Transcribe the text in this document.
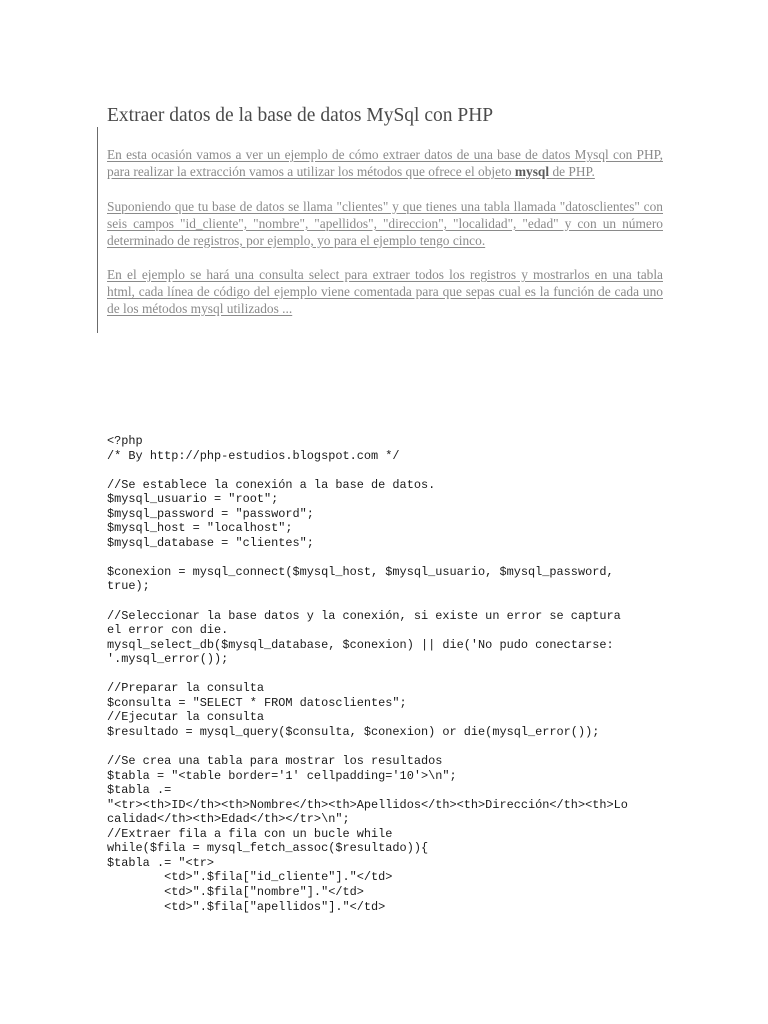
Extraer datos de la base de datos MySql con PHP

En esta ocasión vamos a ver un ejemplo de cómo extraer datos de una base de datos Mysql con PHP, para realizar la extracción vamos a utilizar los métodos que ofrece el objeto mysql de PHP.

Suponiendo que tu base de datos se llama "clientes" y que tienes una tabla llamada "datosclientes" con seis campos "id_cliente", "nombre", "apellidos", "direccion", "localidad", "edad" y con un número determinado de registros, por ejemplo, yo para el ejemplo tengo cinco.

En el ejemplo se hará una consulta select para extraer todos los registros y mostrarlos en una tabla html, cada línea de código del ejemplo viene comentada para que sepas cual es la función de cada uno de los métodos mysql utilizados ...

<?php
/* By http://php-estudios.blogspot.com */

//Se establece la conexión a la base de datos.
$mysql_usuario = "root";
$mysql_password = "password";
$mysql_host = "localhost";
$mysql_database = "clientes";

$conexion = mysql_connect($mysql_host, $mysql_usuario, $mysql_password,
true);

//Seleccionar la base datos y la conexión, si existe un error se captura
el error con die.
mysql_select_db($mysql_database, $conexion) || die('No pudo conectarse:
'.mysql_error());

//Preparar la consulta
$consulta = "SELECT * FROM datosclientes";
//Ejecutar la consulta
$resultado = mysql_query($consulta, $conexion) or die(mysql_error());

//Se crea una tabla para mostrar los resultados
$tabla = "<table border='1' cellpadding='10'>\n";
$tabla .=
"<tr><th>ID</th><th>Nombre</th><th>Apellidos</th><th>Dirección</th><th>Lo
calidad</th><th>Edad</th></tr>\n";
//Extraer fila a fila con un bucle while
while($fila = mysql_fetch_assoc($resultado)){
$tabla .= "<tr>
<td>".$fila["id_cliente"]."</td>
<td>".$fila["nombre"]."</td>
<td>".$fila["apellidos"]."</td>
